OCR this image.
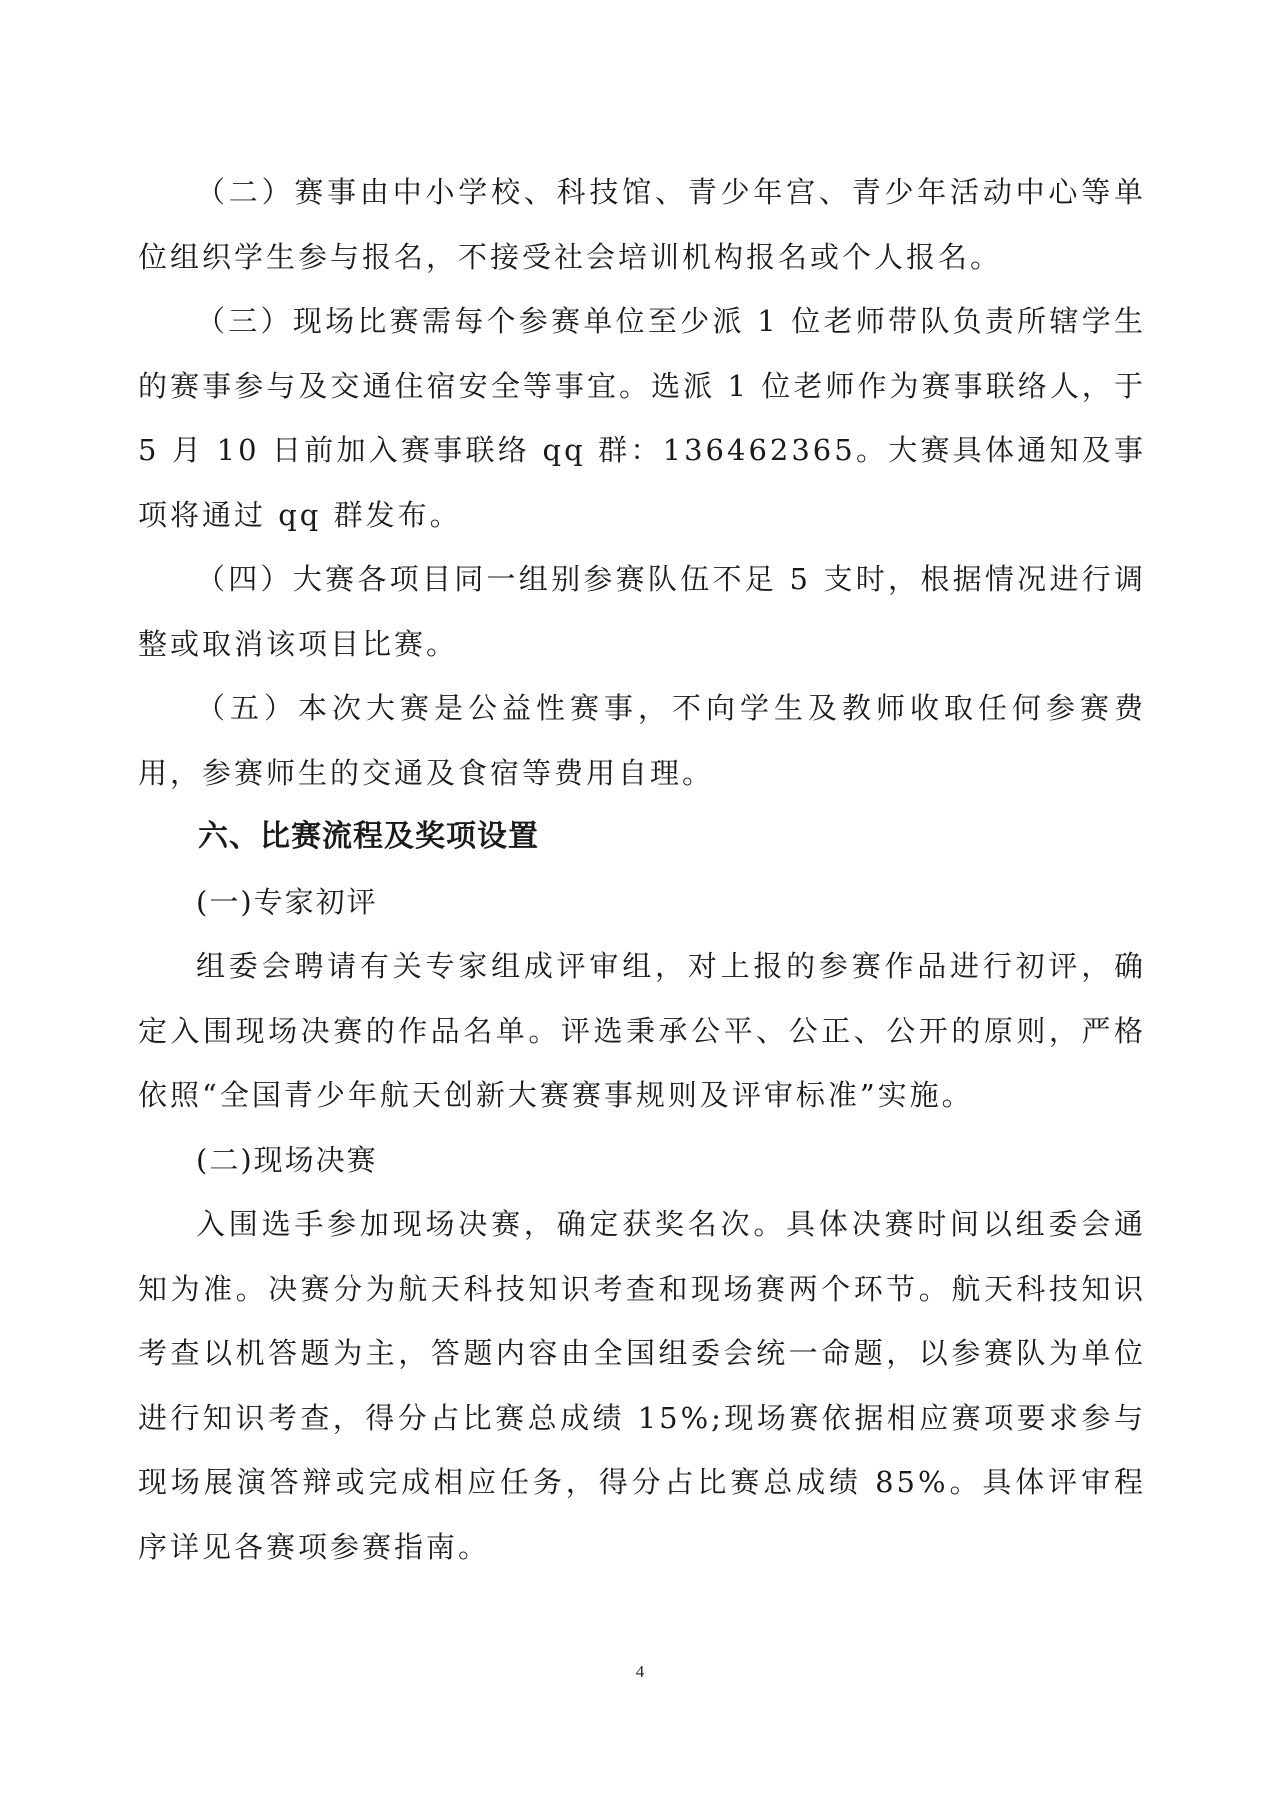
（二）赛事由中小学校、科技馆、青少年宫、青少年活动中心等单位组织学生参与报名，不接受社会培训机构报名或个人报名。

（三）现场比赛需每个参赛单位至少派 1 位老师带队负责所辖学生的赛事参与及交通住宿安全等事宜。选派 1 位老师作为赛事联络人，于 5 月 10 日前加入赛事联络 qq 群：136462365。大赛具体通知及事项将通过 qq 群发布。

（四）大赛各项目同一组别参赛队伍不足 5 支时，根据情况进行调整或取消该项目比赛。

（五）本次大赛是公益性赛事，不向学生及教师收取任何参赛费用，参赛师生的交通及食宿等费用自理。

六、比赛流程及奖项设置

(一)专家初评

组委会聘请有关专家组成评审组，对上报的参赛作品进行初评，确定入围现场决赛的作品名单。评选秉承公平、公正、公开的原则，严格依照“全国青少年航天创新大赛赛事规则及评审标准”实施。

(二)现场决赛

入围选手参加现场决赛，确定获奖名次。具体决赛时间以组委会通知为准。决赛分为航天科技知识考查和现场赛两个环节。航天科技知识考查以机答题为主，答题内容由全国组委会统一命题，以参赛队为单位进行知识考查，得分占比赛总成绩 15%;现场赛依据相应赛项要求参与现场展演答辩或完成相应任务，得分占比赛总成绩 85%。具体评审程序详见各赛项参赛指南。

4
